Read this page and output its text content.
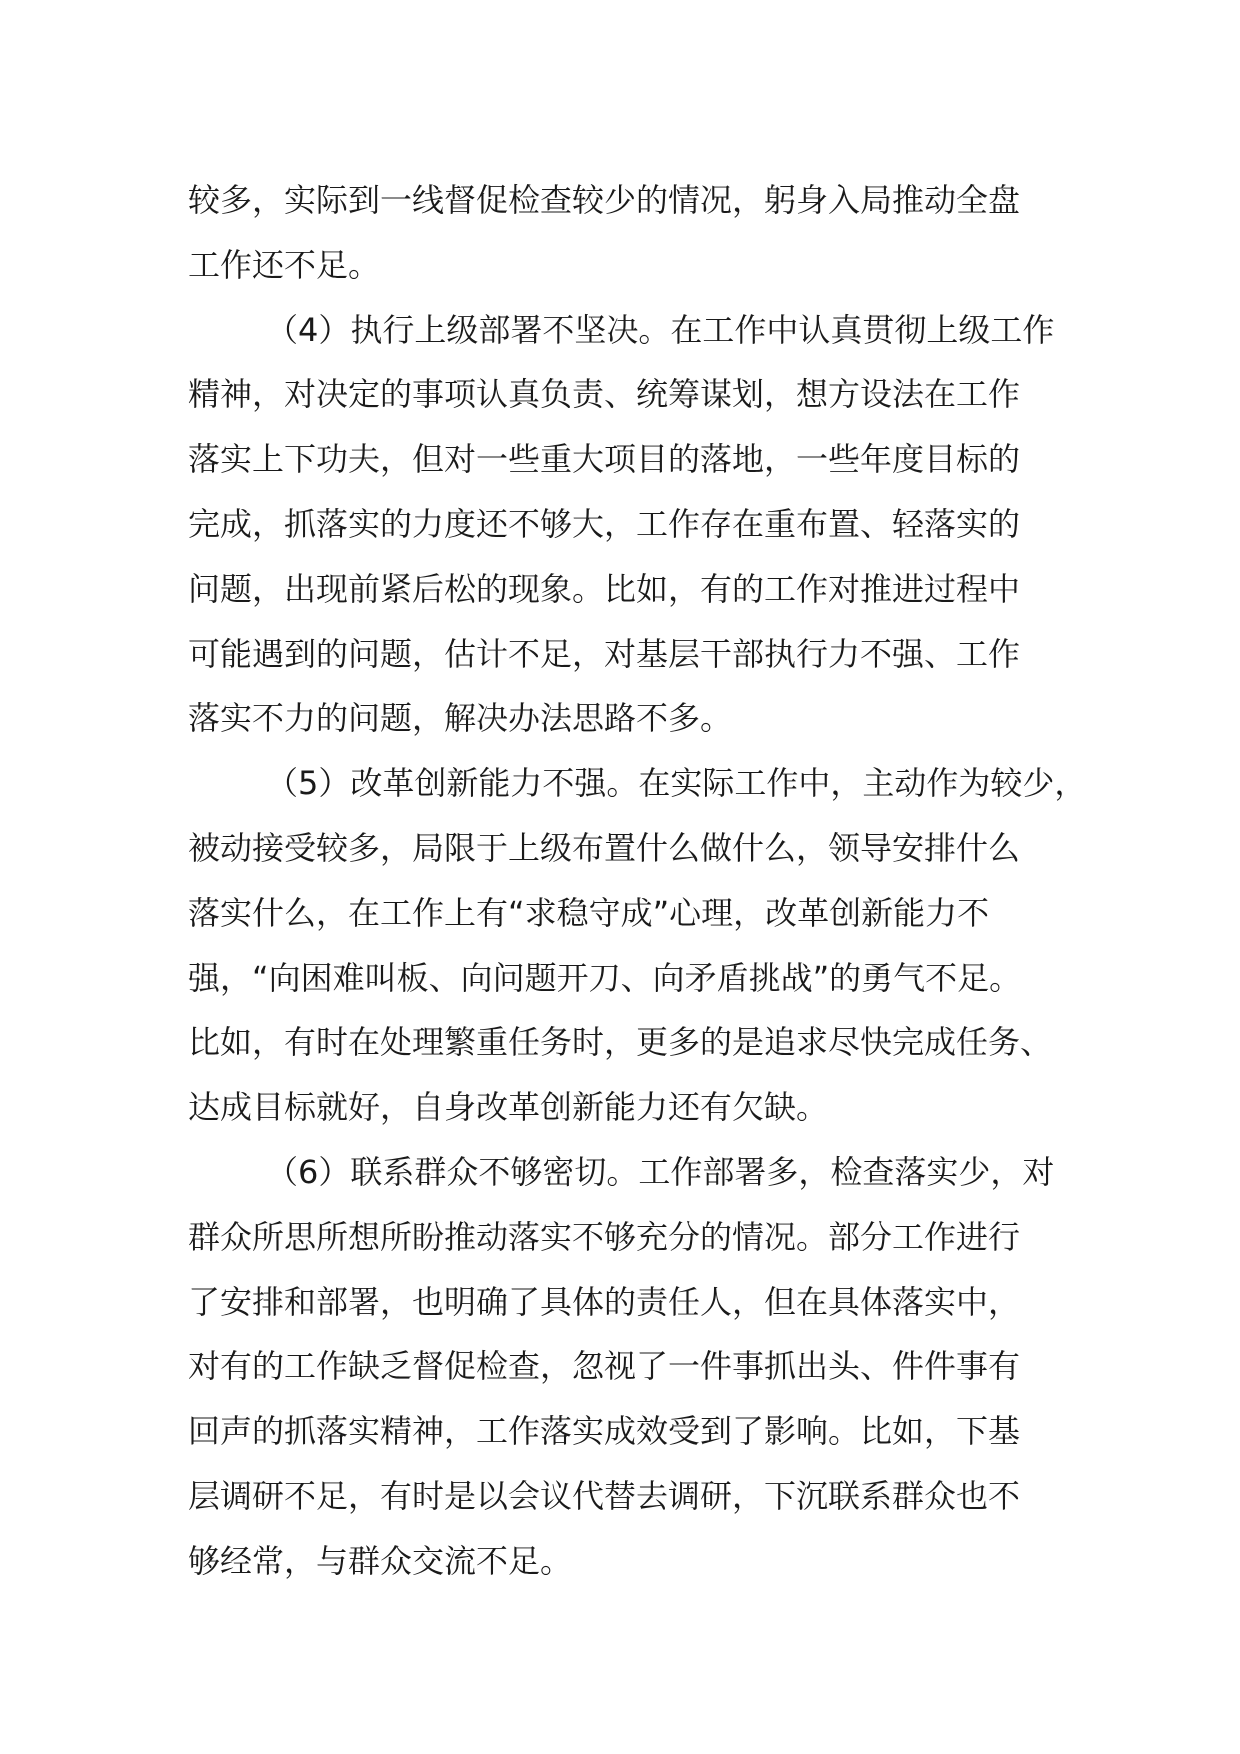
较多，实际到一线督促检查较少的情况，躬身入局推动全盘
工作还不足。
（4）执行上级部署不坚决。在工作中认真贯彻上级工作
精神，对决定的事项认真负责、统筹谋划，想方设法在工作
落实上下功夫，但对一些重大项目的落地，一些年度目标的
完成，抓落实的力度还不够大，工作存在重布置、轻落实的
问题，出现前紧后松的现象。比如，有的工作对推进过程中
可能遇到的问题，估计不足，对基层干部执行力不强、工作
落实不力的问题，解决办法思路不多。
（5）改革创新能力不强。在实际工作中，主动作为较少，
被动接受较多，局限于上级布置什么做什么，领导安排什么
落实什么，在工作上有“求稳守成”心理，改革创新能力不
强，“向困难叫板、向问题开刀、向矛盾挑战”的勇气不足。
比如，有时在处理繁重任务时，更多的是追求尽快完成任务、
达成目标就好，自身改革创新能力还有欠缺。
（6）联系群众不够密切。工作部署多，检查落实少，对
群众所思所想所盼推动落实不够充分的情况。部分工作进行
了安排和部署，也明确了具体的责任人，但在具体落实中，
对有的工作缺乏督促检查，忽视了一件事抓出头、件件事有
回声的抓落实精神，工作落实成效受到了影响。比如，下基
层调研不足，有时是以会议代替去调研，下沉联系群众也不
够经常，与群众交流不足。
